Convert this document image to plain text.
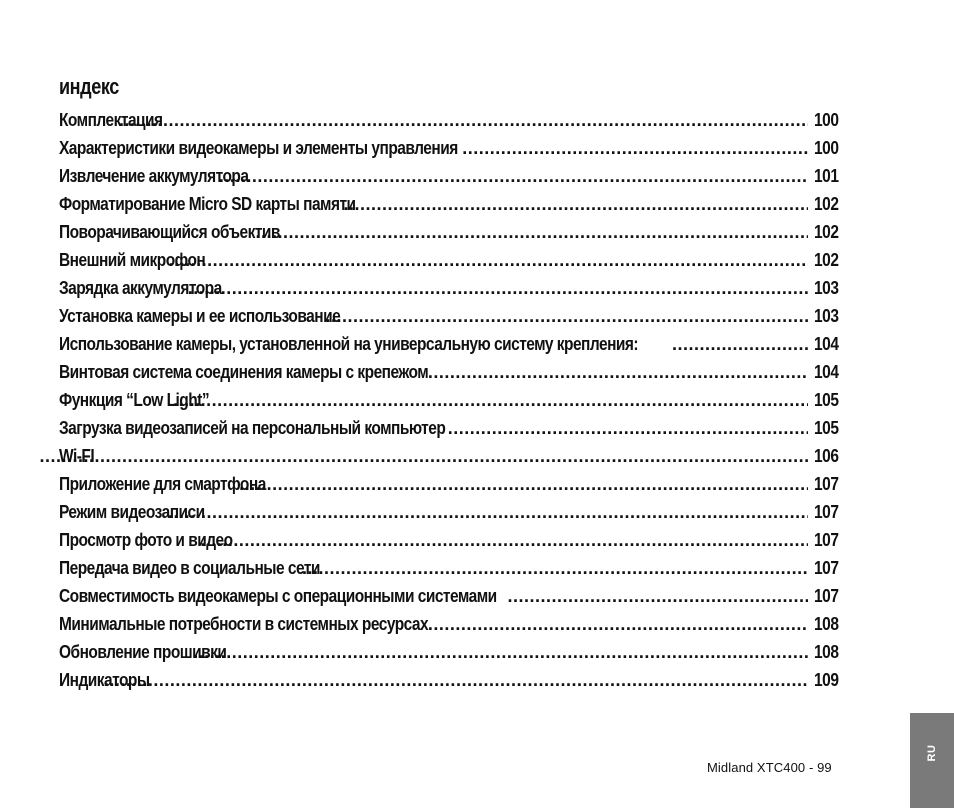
индекс
Комплектация .....	100
Характеристики видеокамеры и элементы управления .....	100
Извлечение аккумулятора .....	101
Форматирование Micro SD карты памяти .....	102
Поворачивающийся объектив .....	102
Внешний микрофон .....	102
Зарядка аккумулятора .....	103
Установка камеры и ее использование .....	103
Использование камеры, установленной на универсальную систему крепления: .....	104
Винтовая система соединения камеры с крепежом .....	104
Функция “Low Light” .....	105
Загрузка видеозаписей на персональный компьютер .....	105
Wi-FI .....	106
Приложение для смартфона .....	107
Режим видеозаписи .....	107
Просмотр фото и видео .....	107
Передача видео в социальные сети .....	107
Совместимость видеокамеры с операционными системами .....	107
Минимальные потребности в системных ресурсах .....	108
Обновление прошивки .....	108
Индикаторы .....	109
Midland XTC400 - 99
RU
